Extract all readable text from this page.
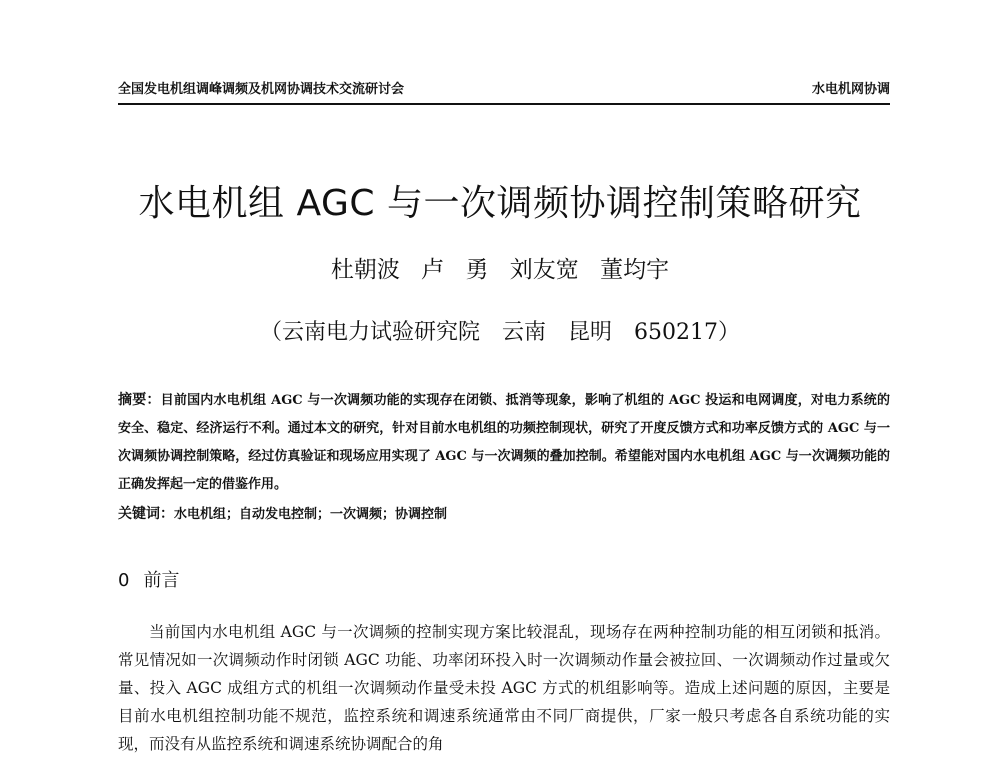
全国发电机组调峰调频及机网协调技术交流研讨会	水电机网协调
水电机组 AGC 与一次调频协调控制策略研究
杜朝波 卢 勇 刘友宽 董均宇
（云南电力试验研究院　云南　昆明　650217）
摘要：目前国内水电机组 AGC 与一次调频功能的实现存在闭锁、抵消等现象，影响了机组的 AGC 投运和电网调度，对电力系统的安全、稳定、经济运行不利。通过本文的研究，针对目前水电机组的功频控制现状，研究了开度反馈方式和功率反馈方式的 AGC 与一次调频协调控制策略，经过仿真验证和现场应用实现了 AGC 与一次调频的叠加控制。希望能对国内水电机组 AGC 与一次调频功能的正确发挥起一定的借鉴作用。
关键词：水电机组；自动发电控制；一次调频；协调控制
0 前言
当前国内水电机组 AGC 与一次调频的控制实现方案比较混乱，现场存在两种控制功能的相互闭锁和抵消。常见情况如一次调频动作时闭锁 AGC 功能、功率闭环投入时一次调频动作量会被拉回、一次调频动作过量或欠量、投入 AGC 成组方式的机组一次调频动作量受未投 AGC 方式的机组影响等。造成上述问题的原因，主要是目前水电机组控制功能不规范，监控系统和调速系统通常由不同厂商提供，厂家一般只考虑各自系统功能的实现，而没有从监控系统和调速系统协调配合的角
